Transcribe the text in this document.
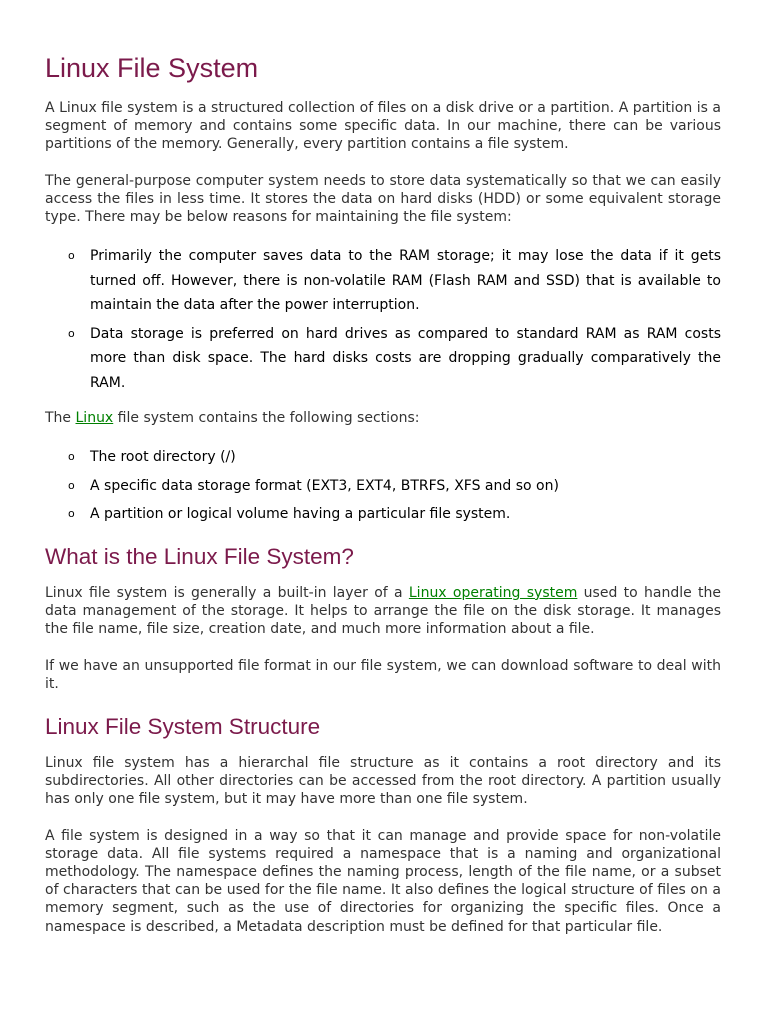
Linux File System

A Linux file system is a structured collection of files on a disk drive or a partition. A partition is a segment of memory and contains some specific data. In our machine, there can be various partitions of the memory. Generally, every partition contains a file system.

The general-purpose computer system needs to store data systematically so that we can easily access the files in less time. It stores the data on hard disks (HDD) or some equivalent storage type. There may be below reasons for maintaining the file system:

o Primarily the computer saves data to the RAM storage; it may lose the data if it gets turned off. However, there is non-volatile RAM (Flash RAM and SSD) that is available to maintain the data after the power interruption.
o Data storage is preferred on hard drives as compared to standard RAM as RAM costs more than disk space. The hard disks costs are dropping gradually comparatively the RAM.

The Linux file system contains the following sections:

o The root directory (/)
o A specific data storage format (EXT3, EXT4, BTRFS, XFS and so on)
o A partition or logical volume having a particular file system.
What is the Linux File System?

Linux file system is generally a built-in layer of a Linux operating system used to handle the data management of the storage. It helps to arrange the file on the disk storage. It manages the file name, file size, creation date, and much more information about a file.

If we have an unsupported file format in our file system, we can download software to deal with it.

Linux File System Structure

Linux file system has a hierarchal file structure as it contains a root directory and its subdirectories. All other directories can be accessed from the root directory. A partition usually has only one file system, but it may have more than one file system.

A file system is designed in a way so that it can manage and provide space for non-volatile storage data. All file systems required a namespace that is a naming and organizational methodology. The namespace defines the naming process, length of the file name, or a subset of characters that can be used for the file name. It also defines the logical structure of files on a memory segment, such as the use of directories for organizing the specific files. Once a namespace is described, a Metadata description must be defined for that particular file.
